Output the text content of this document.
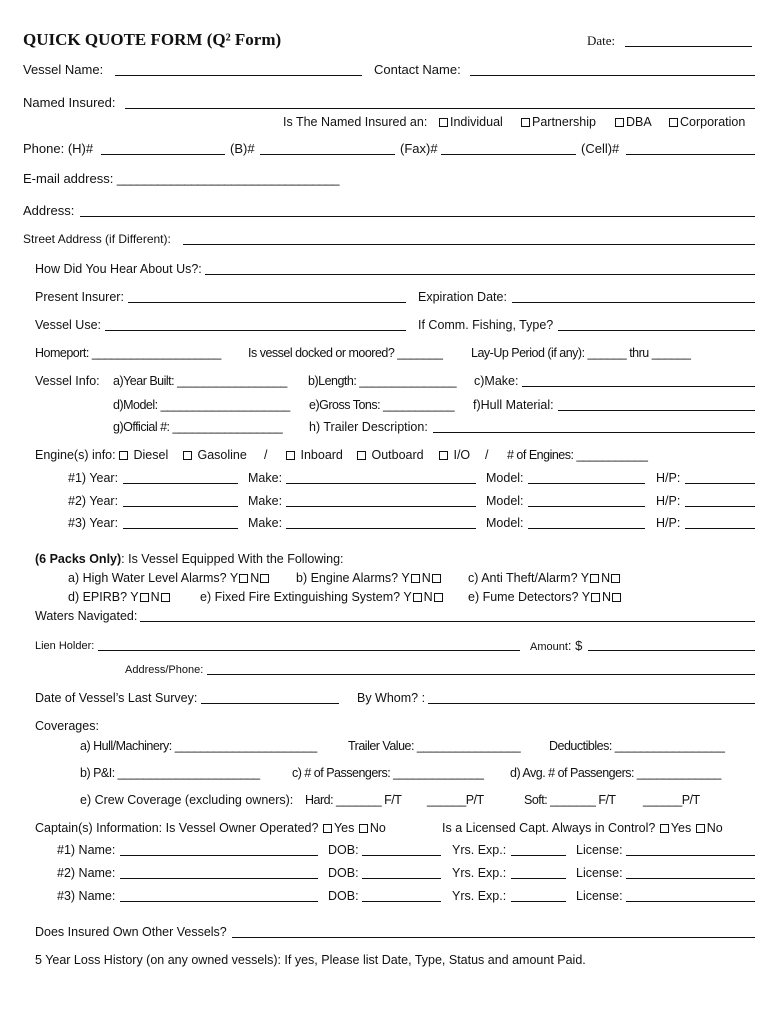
QUICK QUOTE FORM (Q² Form)	Date:
Vessel Name:	Contact Name:
Named Insured:
Is The Named Insured an:	Individual	Partnership	DBA	Corporation
Phone: (H)#	(B)#	(Fax)#	(Cell)#
E-mail address: _________________________________
Address:
Street Address (if Different):
How Did You Hear About Us?:
Present Insurer:	Expiration Date:
Vessel Use:	If Comm. Fishing, Type?
Homeport: ____________________ Is vessel docked or moored? _______ Lay-Up Period (if any): ______ thru ______
Vessel Info: a)Year Built: _________________ b)Length: _______________ c)Make:
d)Model: ____________________ e)Gross Tons: ___________ f)Hull Material:
g)Official #: _________________ h) Trailer Description:
Engine(s) info:	Diesel	Gasoline /	Inboard	Outboard	I/O / # of Engines: ___________
#1) Year:	Make:	Model:	H/P:
#2) Year:	Make:	Model:	H/P:
#3) Year:	Make:	Model:	H/P:
(6 Packs Only): Is Vessel Equipped With the Following:
a) High Water Level Alarms? Y N	b) Engine Alarms? Y N	c) Anti Theft/Alarm? Y N
d) EPIRB? Y N	e) Fixed Fire Extinguishing System? Y N	e) Fume Detectors? Y N
Waters Navigated:
Lien Holder:	Amount: $
Address/Phone:
Date of Vessel’s Last Survey:	By Whom? :
Coverages:
a) Hull/Machinery: ______________________	Trailer Value: ________________ Deductibles: _________________
b) P&I: ______________________	c) # of Passengers: ______________ d) Avg. # of Passengers: _____________
e) Crew Coverage (excluding owners): Hard: _______ F/T ______P/T	Soft: _______ F/T ______P/T
Captain(s) Information: Is Vessel Owner Operated? Yes No	Is a Licensed Capt. Always in Control? Yes No
#1) Name:	DOB:	Yrs. Exp.:	License:
#2) Name:	DOB:	Yrs. Exp.:	License:
#3) Name:	DOB:	Yrs. Exp.:	License:
Does Insured Own Other Vessels?
5 Year Loss History (on any owned vessels): If yes, Please list Date, Type, Status and amount Paid.
